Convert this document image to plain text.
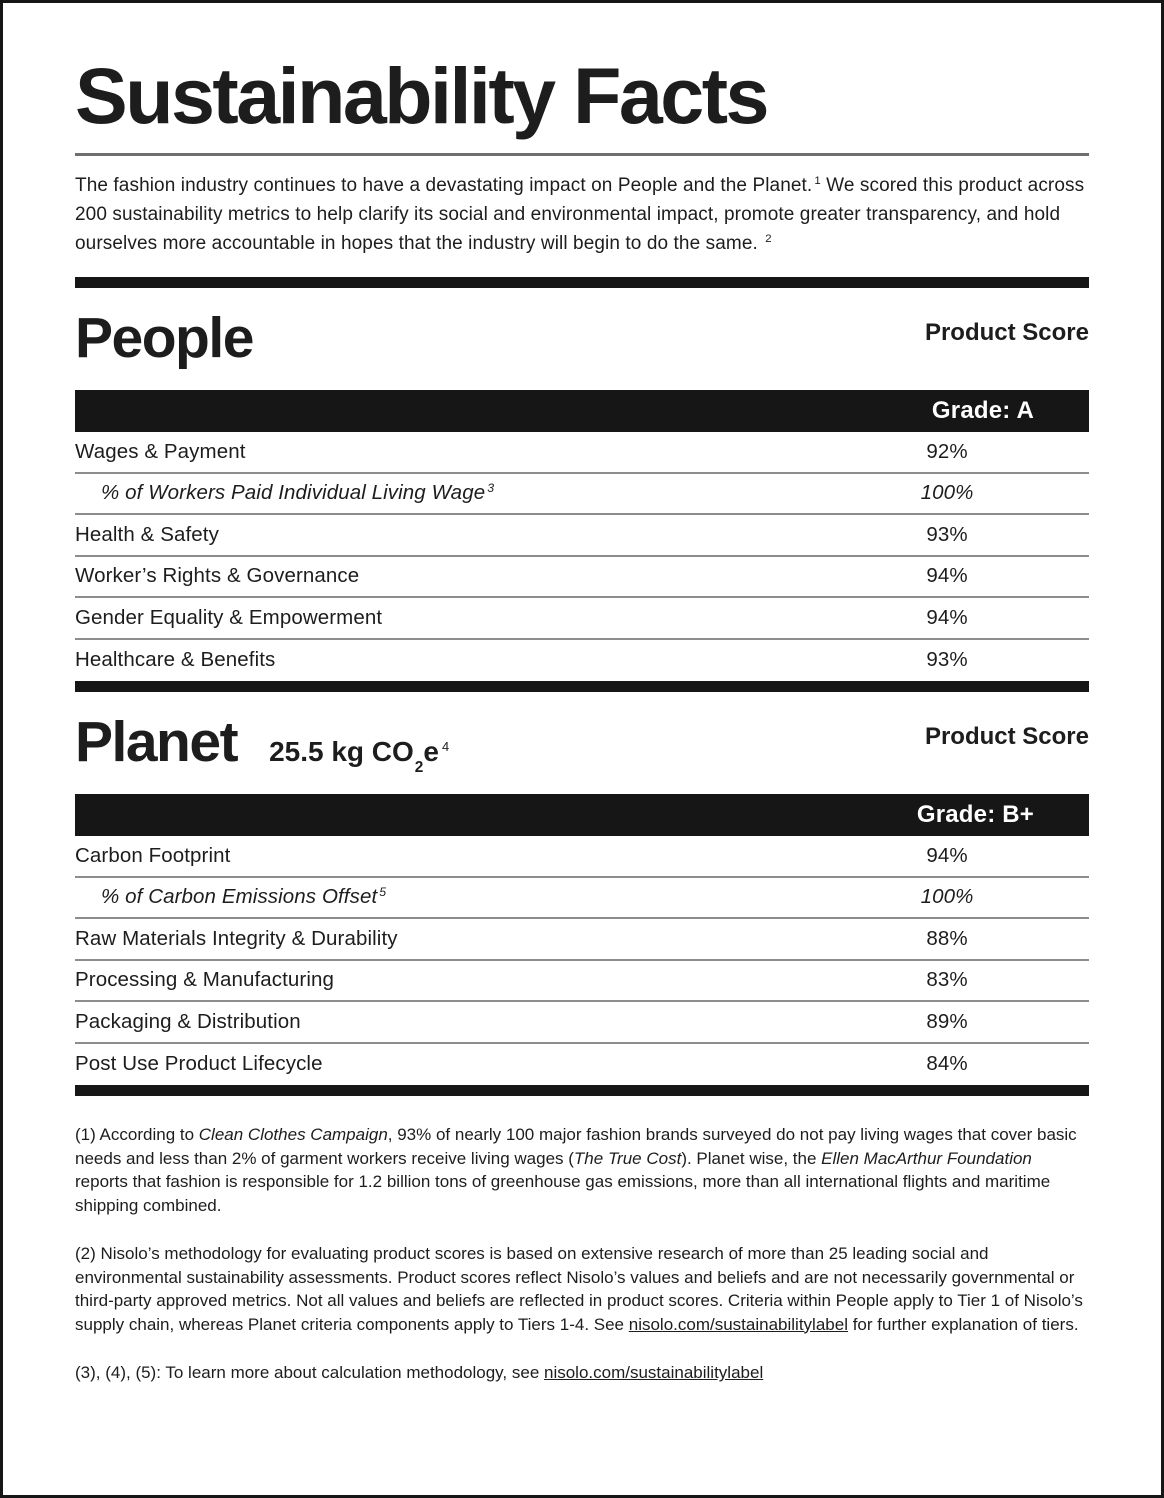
Sustainability Facts

The fashion industry continues to have a devastating impact on People and the Planet. $^1$ We scored this product across 200 sustainability metrics to help clarify its social and environmental impact, promote greater transparency, and hold ourselves more accountable in hopes that the industry will begin to do the same. $^2$

People	Product Score
Grade: A
Wages & Payment	92%
% of Workers Paid Individual Living Wage $^3$	100%
Health & Safety	93%
Worker’s Rights & Governance	94%
Gender Equality & Empowerment	94%
Healthcare & Benefits	93%
Planet 25.5 kg $CO_2e$ $^4$	Product Score
Grade: B+
Carbon Footprint	94%
% of Carbon Emissions Offset $^5$	100%
Raw Materials Integrity & Durability	88%
Processing & Manufacturing	83%
Packaging & Distribution	89%
Post Use Product Lifecycle	84%

(1) According to Clean Clothes Campaign, 93% of nearly 100 major fashion brands surveyed do not pay living wages that cover basic needs and less than 2% of garment workers receive living wages (The True Cost). Planet wise, the Ellen MacArthur Foundation reports that fashion is responsible for 1.2 billion tons of greenhouse gas emissions, more than all international flights and maritime shipping combined.

(2) Nisolo’s methodology for evaluating product scores is based on extensive research of more than 25 leading social and environmental sustainability assessments. Product scores reflect Nisolo’s values and beliefs and are not necessarily governmental or third-party approved metrics. Not all values and beliefs are reflected in product scores. Criteria within People apply to Tier 1 of Nisolo’s supply chain, whereas Planet criteria components apply to Tiers 1-4. See nisolo.com/sustainabilitylabel for further explanation of tiers.

(3), (4), (5): To learn more about calculation methodology, see nisolo.com/sustainabilitylabel
